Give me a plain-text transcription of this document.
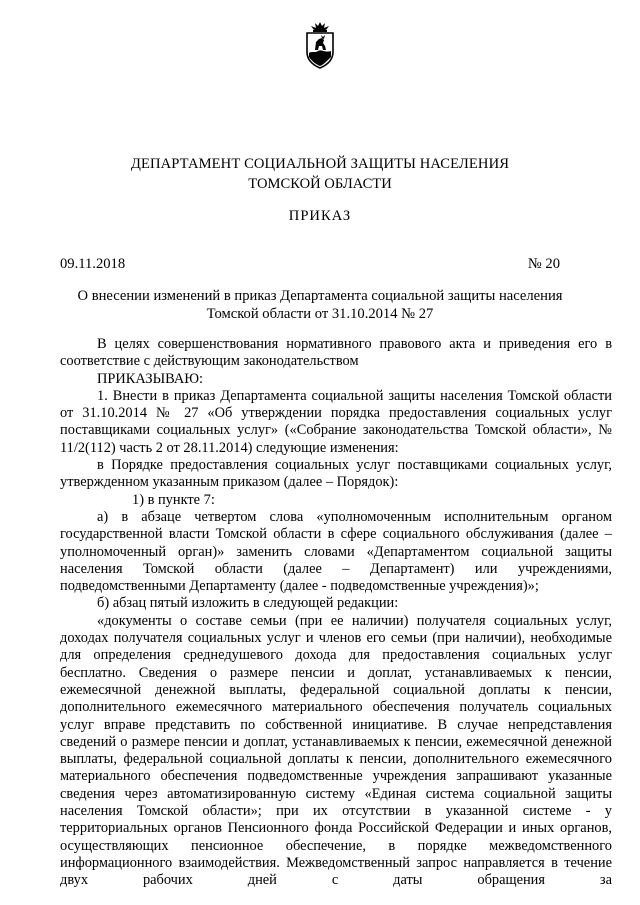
ДЕПАРТАМЕНТ СОЦИАЛЬНОЙ ЗАЩИТЫ НАСЕЛЕНИЯ
ТОМСКОЙ ОБЛАСТИ
ПРИКАЗ
09.11.2018	№ 20
О внесении изменений в приказ Департамента социальной защиты населения
Томской области от 31.10.2014 № 27

В целях совершенствования нормативного правового акта и приведения его в соответствие с действующим законодательством

ПРИКАЗЫВАЮ:

1. Внести в приказ Департамента социальной защиты населения Томской области от 31.10.2014 № 27 «Об утверждении порядка предоставления социальных услуг поставщиками социальных услуг» («Собрание законодательства Томской области», № 11/2(112) часть 2 от 28.11.2014) следующие изменения:

в Порядке предоставления социальных услуг поставщиками социальных услуг, утвержденном указанным приказом (далее – Порядок):

1) в пункте 7:

а) в абзаце четвертом слова «уполномоченным исполнительным органом государственной власти Томской области в сфере социального обслуживания (далее – уполномоченный орган)» заменить словами «Департаментом социальной защиты населения Томской области (далее – Департамент) или учреждениями, подведомственными Департаменту (далее - подведомственные учреждения)»;

б) абзац пятый изложить в следующей редакции:

«документы о составе семьи (при ее наличии) получателя социальных услуг, доходах получателя социальных услуг и членов его семьи (при наличии), необходимые для определения среднедушевого дохода для предоставления социальных услуг бесплатно. Сведения о размере пенсии и доплат, устанавливаемых к пенсии, ежемесячной денежной выплаты, федеральной социальной доплаты к пенсии, дополнительного ежемесячного материального обеспечения получатель социальных услуг вправе представить по собственной инициативе. В случае непредставления сведений о размере пенсии и доплат, устанавливаемых к пенсии, ежемесячной денежной выплаты, федеральной социальной доплаты к пенсии, дополнительного ежемесячного материального обеспечения подведомственные учреждения запрашивают указанные сведения через автоматизированную систему «Единая система социальной защиты населения Томской области»; при их отсутствии в указанной системе - у территориальных органов Пенсионного фонда Российской Федерации и иных органов, осуществляющих пенсионное обеспечение, в порядке межведомственного информационного взаимодействия. Межведомственный запрос направляется в течение двух рабочих дней с даты обращения за
